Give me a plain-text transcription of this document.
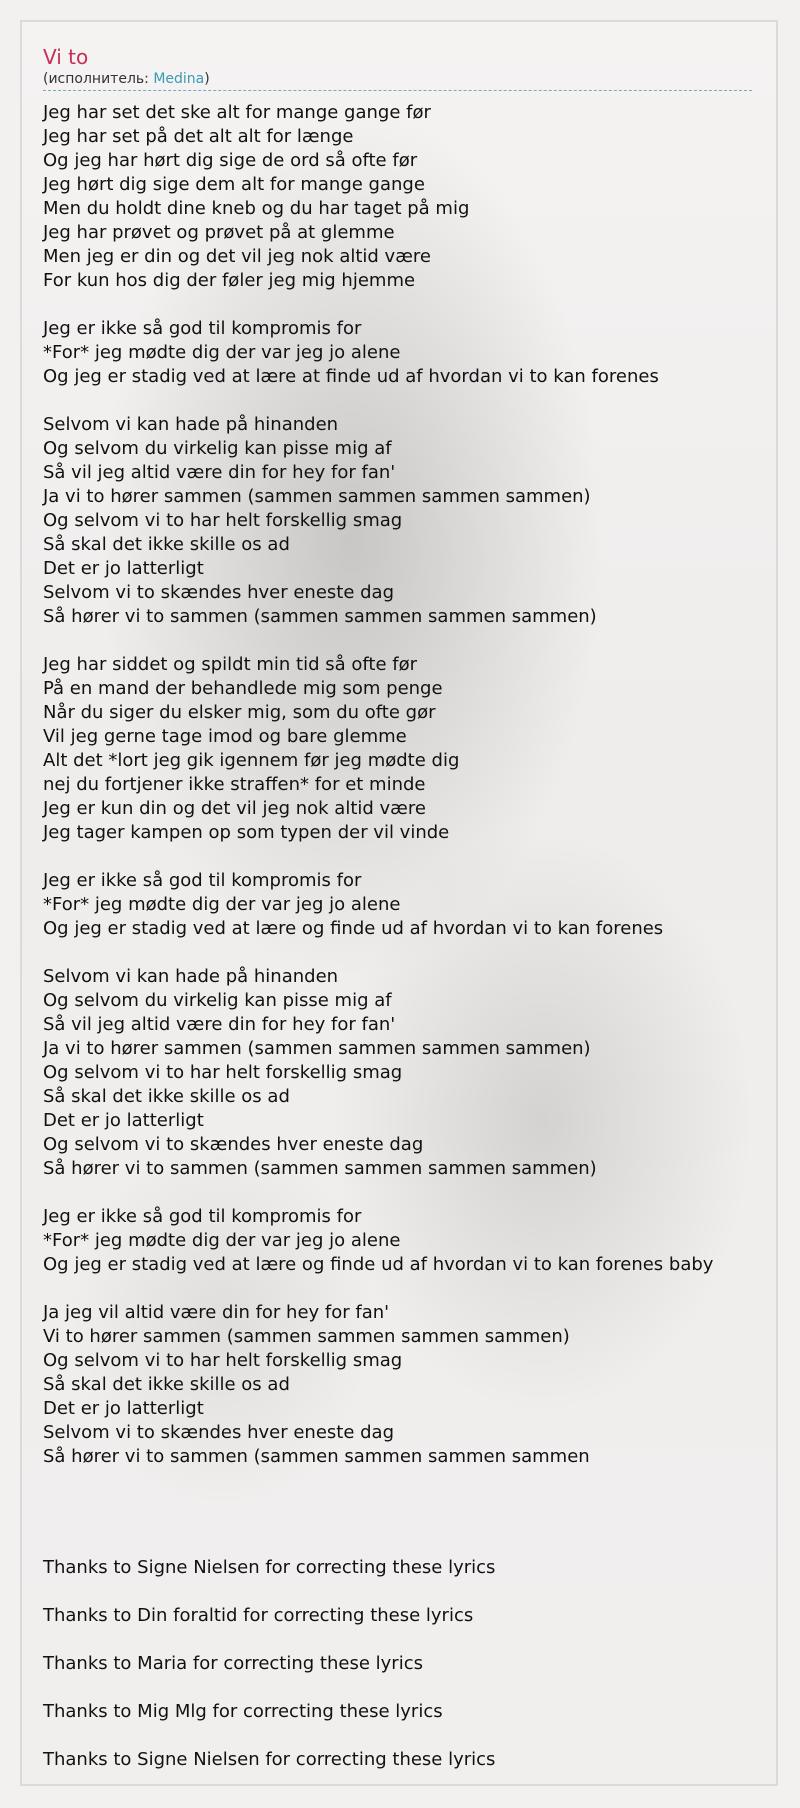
Vi to
(исполнитель: Medina)
Jeg har set det ske alt for mange gange før
Jeg har set på det alt alt for længe
Og jeg har hørt dig sige de ord så ofte før
Jeg hørt dig sige dem alt for mange gange
Men du holdt dine kneb og du har taget på mig
Jeg har prøvet og prøvet på at glemme
Men jeg er din og det vil jeg nok altid være
For kun hos dig der føler jeg mig hjemme
Jeg er ikke så god til kompromis for
*For* jeg mødte dig der var jeg jo alene
Og jeg er stadig ved at lære at finde ud af hvordan vi to kan forenes
Selvom vi kan hade på hinanden
Og selvom du virkelig kan pisse mig af
Så vil jeg altid være din for hey for fan'
Ja vi to hører sammen (sammen sammen sammen sammen)
Og selvom vi to har helt forskellig smag
Så skal det ikke skille os ad
Det er jo latterligt
Selvom vi to skændes hver eneste dag
Så hører vi to sammen (sammen sammen sammen sammen)
Jeg har siddet og spildt min tid så ofte før
På en mand der behandlede mig som penge
Når du siger du elsker mig, som du ofte gør
Vil jeg gerne tage imod og bare glemme
Alt det *lort jeg gik igennem før jeg mødte dig
nej du fortjener ikke straffen* for et minde
Jeg er kun din og det vil jeg nok altid være
Jeg tager kampen op som typen der vil vinde
Jeg er ikke så god til kompromis for
*For* jeg mødte dig der var jeg jo alene
Og jeg er stadig ved at lære og finde ud af hvordan vi to kan forenes
Selvom vi kan hade på hinanden
Og selvom du virkelig kan pisse mig af
Så vil jeg altid være din for hey for fan'
Ja vi to hører sammen (sammen sammen sammen sammen)
Og selvom vi to har helt forskellig smag
Så skal det ikke skille os ad
Det er jo latterligt
Og selvom vi to skændes hver eneste dag
Så hører vi to sammen (sammen sammen sammen sammen)
Jeg er ikke så god til kompromis for
*For* jeg mødte dig der var jeg jo alene
Og jeg er stadig ved at lære og finde ud af hvordan vi to kan forenes baby
Ja jeg vil altid være din for hey for fan'
Vi to hører sammen (sammen sammen sammen sammen)
Og selvom vi to har helt forskellig smag
Så skal det ikke skille os ad
Det er jo latterligt
Selvom vi to skændes hver eneste dag
Så hører vi to sammen (sammen sammen sammen sammen
Thanks to Signe Nielsen for correcting these lyrics
Thanks to Din foraltid for correcting these lyrics
Thanks to Maria for correcting these lyrics
Thanks to Mig Mlg for correcting these lyrics
Thanks to Signe Nielsen for correcting these lyrics
